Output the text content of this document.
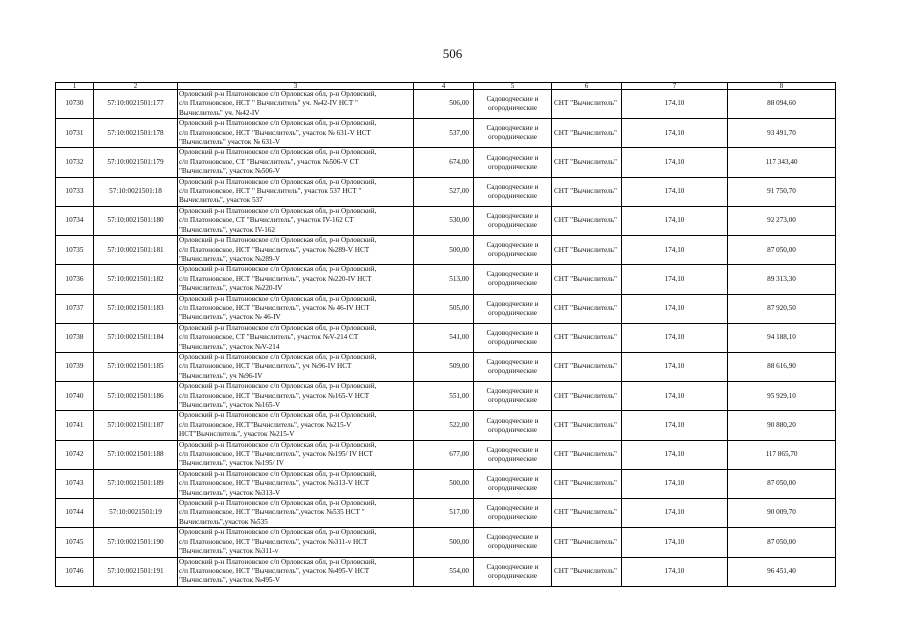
506
1	2	3	4	5	6	7	8
10730	57:10:0021501:177	Орловский р-н Платоновское с/п Орловская обл, р-н Орловский,
с/п Платоновское, НСТ " Вычислитель" уч. №42-IV НСТ "
Вычислитель" уч. №42-IV	506,00	Садоводческие и огороднические	СНТ "Вычислитель"	174,10	88 094,60
10731	57:10:0021501:178	Орловский р-н Платоновское с/п Орловская обл, р-н Орловский,
с/п Платоновское, НСТ "Вычислитель", участок № 631-V НСТ
"Вычислитель" участок № 631-V	537,00	Садоводческие и огороднические	СНТ "Вычислитель"	174,10	93 491,70
10732	57:10:0021501:179	Орловский р-н Платоновское с/п Орловская обл, р-н Орловский,
с/п Платоновское, СТ "Вычислитель", участок №506-V СТ
"Вычислитель", участок №506-V	674,00	Садоводческие и огороднические	СНТ "Вычислитель"	174,10	117 343,40
10733	57:10:0021501:18	Орловский р-н Платоновское с/п Орловская обл, р-н Орловский,
с/п Платоновское, НСТ " Вычислитель", участок 537 НСТ "
Вычислитель", участок 537	527,00	Садоводческие и огороднические	СНТ "Вычислитель"	174,10	91 750,70
10734	57:10:0021501:180	Орловский р-н Платоновское с/п Орловская обл, р-н Орловский,
с/п Платоновское, СТ "Вычислитель", участок IV-162 СТ
"Вычислитель", участок IV-162	530,00	Садоводческие и огороднические	СНТ "Вычислитель"	174,10	92 273,00
10735	57:10:0021501:181	Орловский р-н Платоновское с/п Орловская обл, р-н Орловский,
с/п Платоновское, НСТ "Вычислитель", участок №289-V НСТ
"Вычислитель", участок №289-V	500,00	Садоводческие и огороднические	СНТ "Вычислитель"	174,10	87 050,00
10736	57:10:0021501:182	Орловский р-н Платоновское с/п Орловская обл, р-н Орловский,
с/п Платоновское, НСТ "Вычислитель", участок №220-IV НСТ
"Вычислитель", участок №220-IV	513,00	Садоводческие и огороднические	СНТ "Вычислитель"	174,10	89 313,30
10737	57:10:0021501:183	Орловский р-н Платоновское с/п Орловская обл, р-н Орловский,
с/п Платоновское, НСТ "Вычислитель", участок № 46-IV НСТ
"Вычислитель", участок № 46-IV	505,00	Садоводческие и огороднические	СНТ "Вычислитель"	174,10	87 920,50
10738	57:10:0021501:184	Орловский р-н Платоновское с/п Орловская обл, р-н Орловский,
с/п Платоновское, СТ "Вычислитель", участок №V-214 СТ
"Вычислитель", участок №V-214	541,00	Садоводческие и огороднические	СНТ "Вычислитель"	174,10	94 188,10
10739	57:10:0021501:185	Орловский р-н Платоновское с/п Орловская обл, р-н Орловский,
с/п Платоновское, НСТ "Вычислитель", уч №96-IV НСТ
"Вычислитель", уч №96-IV	509,00	Садоводческие и огороднические	СНТ "Вычислитель"	174,10	88 616,90
10740	57:10:0021501:186	Орловский р-н Платоновское с/п Орловская обл, р-н Орловский,
с/п Платоновское, НСТ "Вычислитель", участок №165-V НСТ
"Вычислитель", участок №165-V	551,00	Садоводческие и огороднические	СНТ "Вычислитель"	174,10	95 929,10
10741	57:10:0021501:187	Орловский р-н Платоновское с/п Орловская обл, р-н Орловский,
с/п Платоновское, НСТ"Вычислитель", участок №215-V
НСТ"Вычислитель", участок №215-V	522,00	Садоводческие и огороднические	СНТ "Вычислитель"	174,10	90 880,20
10742	57:10:0021501:188	Орловский р-н Платоновское с/п Орловская обл, р-н Орловский,
с/п Платоновское, НСТ "Вычислитель", участок №195/ IV НСТ
"Вычислитель", участок №195/ IV	677,00	Садоводческие и огороднические	СНТ "Вычислитель"	174,10	117 865,70
10743	57:10:0021501:189	Орловский р-н Платоновское с/п Орловская обл, р-н Орловский,
с/п Платоновское, НСТ "Вычислитель", участок №313-V НСТ
"Вычислитель", участок №313-V	500,00	Садоводческие и огороднические	СНТ "Вычислитель"	174,10	87 050,00
10744	57:10:0021501:19	Орловский р-н Платоновское с/п Орловская обл, р-н Орловский,
с/п Платоновское, НСТ "Вычислитель",участок №535 НСТ "
Вычислитель",участок №535	517,00	Садоводческие и огороднические	СНТ "Вычислитель"	174,10	90 009,70
10745	57:10:0021501:190	Орловский р-н Платоновское с/п Орловская обл, р-н Орловский,
с/п Платоновское, НСТ "Вычислитель", участок №311-v НСТ
"Вычислитель", участок №311-v	500,00	Садоводческие и огороднические	СНТ "Вычислитель"	174,10	87 050,00
10746	57:10:0021501:191	Орловский р-н Платоновское с/п Орловская обл, р-н Орловский,
с/п Платоновское, НСТ "Вычислитель", участок №495-V НСТ
"Вычислитель", участок №495-V	554,00	Садоводческие и огороднические	СНТ "Вычислитель"	174,10	96 451,40
